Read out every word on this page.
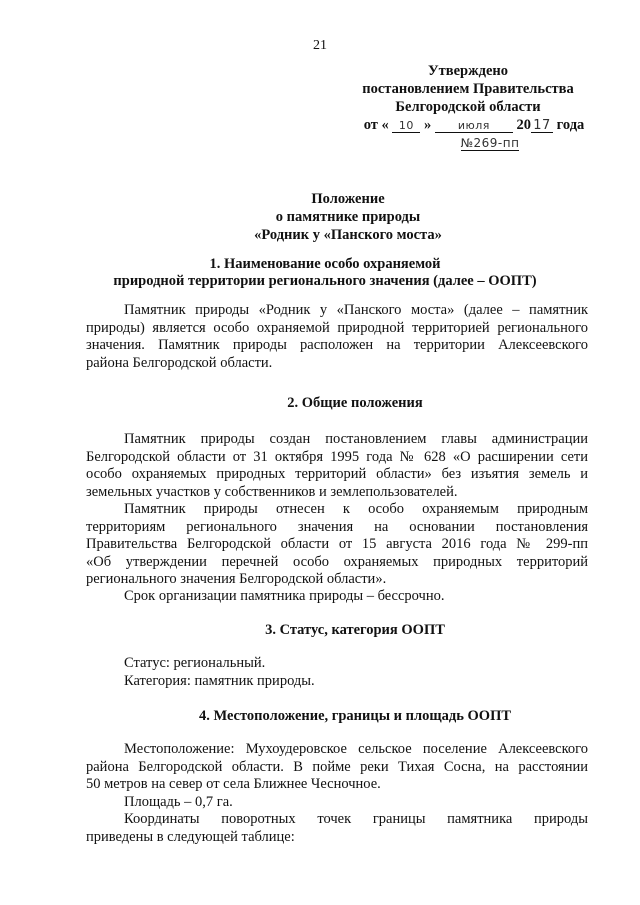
21
Утверждено
постановлением Правительства
Белгородской области
от « 10 » июля 20 17 года
№269-пп
Положение
о памятнике природы
«Родник у «Панского моста»
1. Наименование особо охраняемой
природной территории регионального значения (далее – ООПТ)
Памятник природы «Родник у «Панского моста» (далее – памятник
природы) является особо охраняемой природной территорией регионального
значения. Памятник природы расположен на территории Алексеевского
района Белгородской области.
2. Общие положения
Памятник природы создан постановлением главы администрации
Белгородской области от 31 октября 1995 года № 628 «О расширении сети
особо охраняемых природных территорий области» без изъятия земель и
земельных участков у собственников и землепользователей.
Памятник природы отнесен к особо охраняемым природным
территориям регионального значения на основании постановления
Правительства Белгородской области от 15 августа 2016 года № 299-пп
«Об утверждении перечней особо охраняемых природных территорий
регионального значения Белгородской области».
Срок организации памятника природы – бессрочно.
3. Статус, категория ООПТ
Статус: региональный.
Категория: памятник природы.
4. Местоположение, границы и площадь ООПТ
Местоположение: Мухоудеровское сельское поселение Алексеевского
района Белгородской области. В пойме реки Тихая Сосна, на расстоянии
50 метров на север от села Ближнее Чесночное.
Площадь – 0,7 га.
Координаты поворотных точек границы памятника природы
приведены в следующей таблице:
